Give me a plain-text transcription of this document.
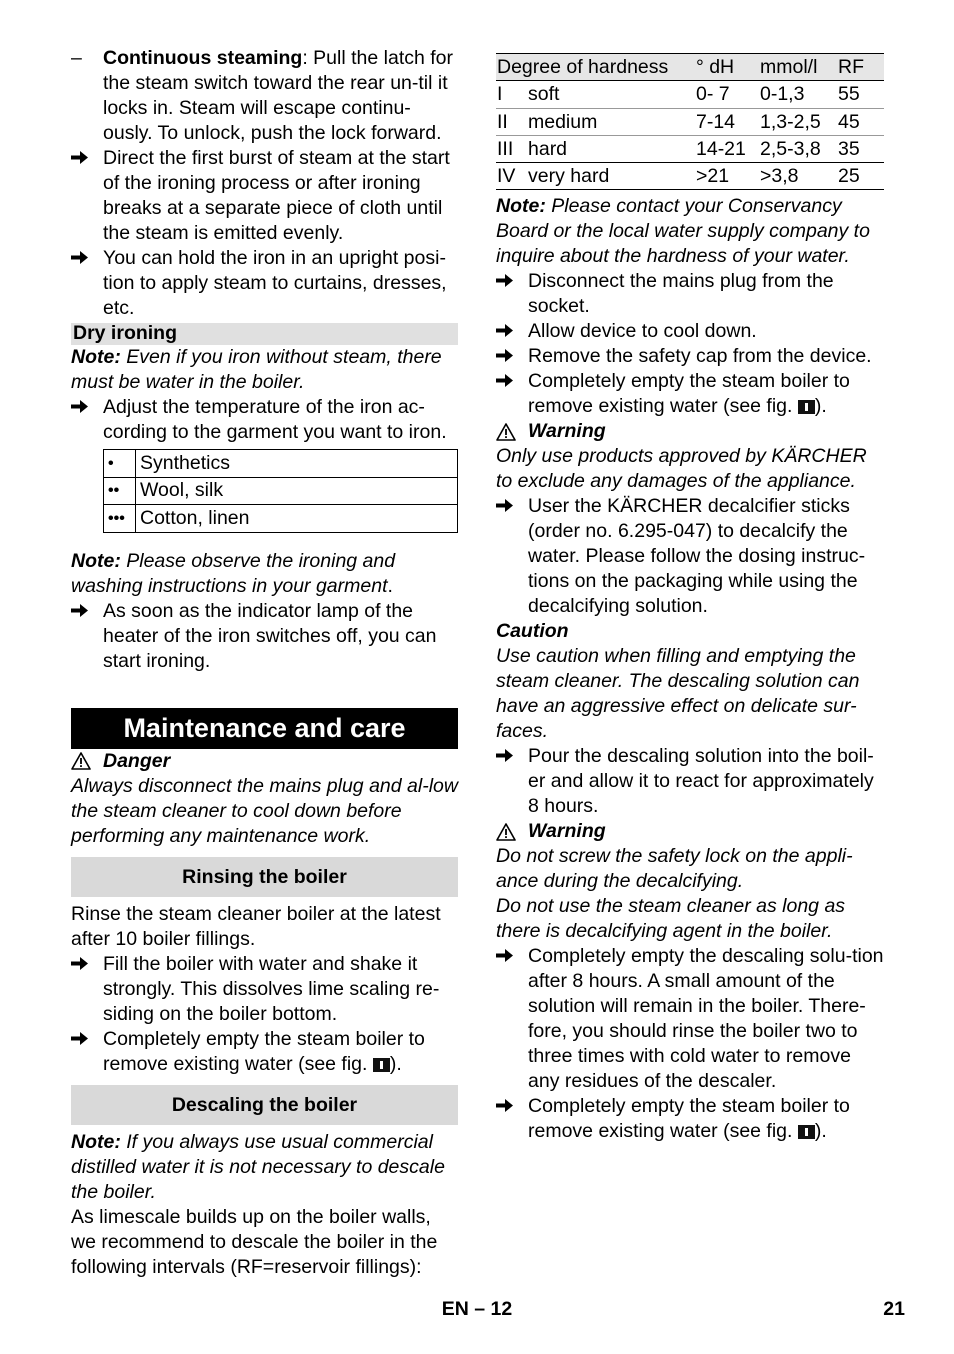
–	Continuous steaming: Pull the latch for the steam switch toward the rear un-til it locks in. Steam will escape continu-ously. To unlock, push the lock forward.

Direct the first burst of steam at the start of the ironing process or after ironing breaks at a separate piece of cloth until the steam is emitted evenly.

You can hold the iron in an upright posi-tion to apply steam to curtains, dresses, etc.

Dry ironing

Note: Even if you iron without steam, there must be water in the boiler.

Adjust the temperature of the iron ac-cording to the garment you want to iron.

•	Synthetics
••	Wool, silk
•••	Cotton, linen

Note: Please observe the ironing and washing instructions in your garment.

As soon as the indicator lamp of the heater of the iron switches off, you can start ironing.

Maintenance and care
Danger

Always disconnect the mains plug and al-low the steam cleaner to cool down before performing any maintenance work.

Rinsing the boiler

Rinse the steam cleaner boiler at the latest after 10 boiler fillings.

Fill the boiler with water and shake it strongly. This dissolves lime scaling re-siding on the boiler bottom.

Completely empty the steam boiler to remove existing water (see fig. ).

Descaling the boiler

Note: If you always use usual commercial distilled water it is not necessary to descale the boiler.

As limescale builds up on the boiler walls, we recommend to descale the boiler in the following intervals (RF=reservoir fillings):

Degree of hardness		° dH	mmol/l	RF
I	soft	0- 7	0-1,3	55
II	medium	7-14	1,3-2,5	45
III	hard	14-21	2,5-3,8	35
IV	very hard	>21	>3,8	25

Note: Please contact your Conservancy Board or the local water supply company to inquire about the hardness of your water.

Disconnect the mains plug from the socket.

Allow device to cool down.

Remove the safety cap from the device.

Completely empty the steam boiler to remove existing water (see fig. ).

Warning

Only use products approved by KÄRCHER to exclude any damages of the appliance.

User the KÄRCHER decalcifier sticks (order no. 6.295-047) to decalcify the water. Please follow the dosing instruc-tions on the packaging while using the decalcifying solution.

Caution

Use caution when filling and emptying the steam cleaner. The descaling solution can have an aggressive effect on delicate sur-faces.

Pour the descaling solution into the boil-er and allow it to react for approximately 8 hours.

Warning

Do not screw the safety lock on the appli-ance during the decalcifying.

Do not use the steam cleaner as long as there is decalcifying agent in the boiler.

Completely empty the descaling solu-tion after 8 hours. A small amount of the solution will remain in the boiler. There-fore, you should rinse the boiler two to three times with cold water to remove any residues of the descaler.

Completely empty the steam boiler to remove existing water (see fig. ).

EN – 12	21
